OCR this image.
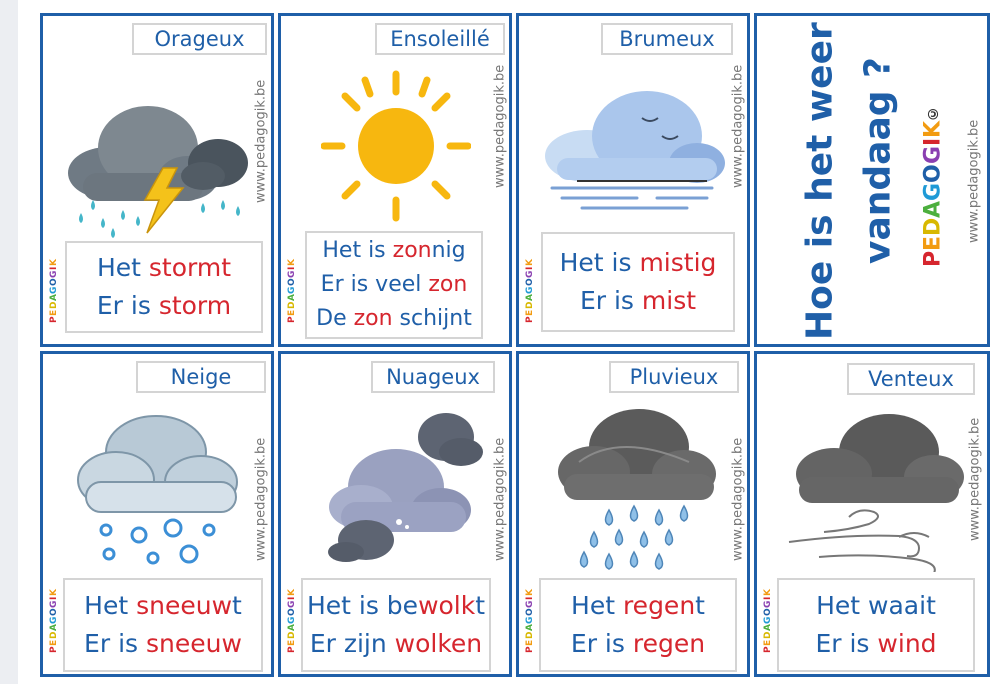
Orageux
www.pedagogik.be
P
E
D
A
G
O
G
I
K Het stormt
Er is storm
Ensoleillé
www.pedagogik.be
P
E
D
A
G
O
G
I
K Het is zonnig
Er is veel zon
De zon schijnt
Brumeux
www.pedagogik.be
P
E
D
A
G
O
G
I
K Het is mistig
Er is mist	Hoe is het weer vandaag ? P
E
D
A
G
O
G
I
K
©
www.pedagogik.be
Neige
www.pedagogik.be
P
E
D
A
G
O
G
I
K Het sneeuwt
Er is sneeuw
Nuageux
www.pedagogik.be
P
E
D
A
G
O
G
I
K Het is bewolkt
Er zijn wolken
Pluvieux
www.pedagogik.be
P
E
D
A
G
O
G
I
K Het regent
Er is regen
Venteux
www.pedagogik.be
P
E
D
A
G
O
G
I
K Het waait
Er is wind
